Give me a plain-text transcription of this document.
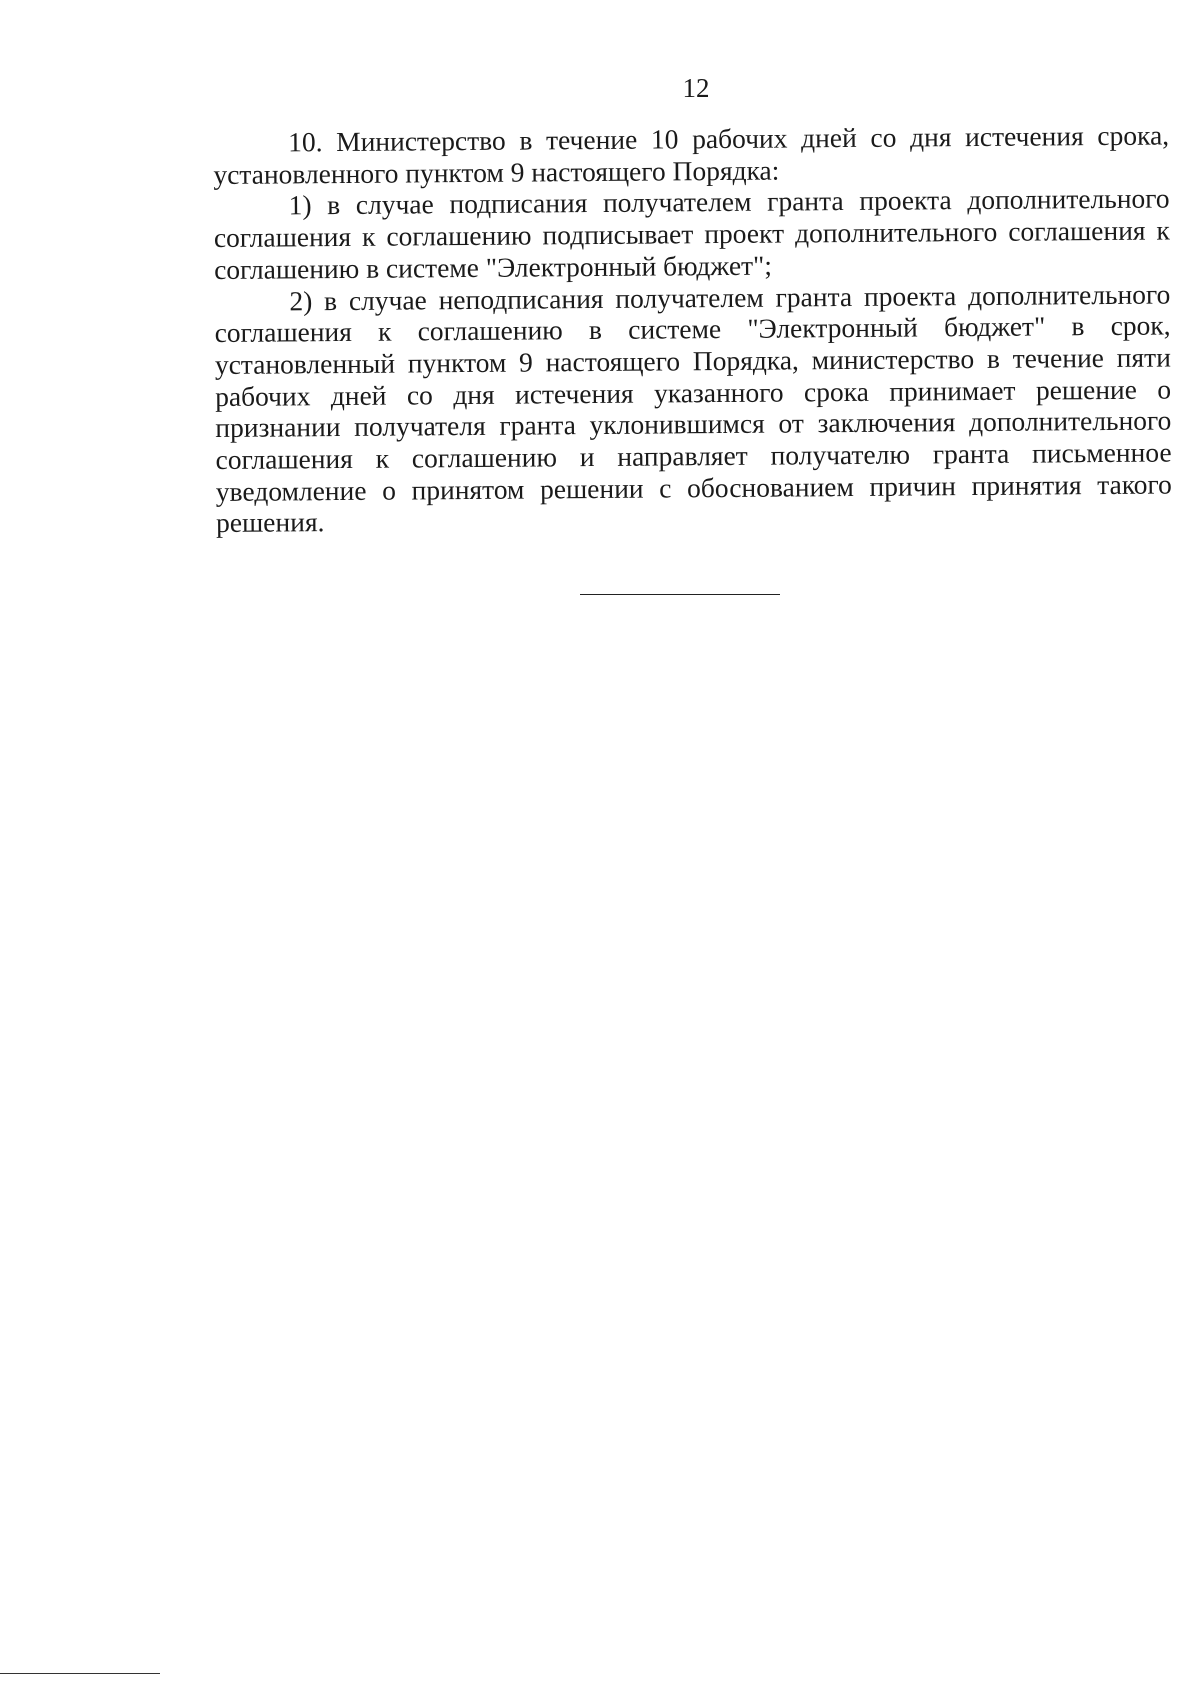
12

10. Министерство в течение 10 рабочих дней со дня истечения срока, установленного пунктом 9 настоящего Порядка:

1) в случае подписания получателем гранта проекта дополнительного соглашения к соглашению подписывает проект дополнительного соглашения к соглашению в системе "Электронный бюджет";

2) в случае неподписания получателем гранта проекта дополнительного соглашения к соглашению в системе "Электронный бюджет" в срок, установленный пунктом 9 настоящего Порядка, министерство в течение пяти рабочих дней со дня истечения указанного срока принимает решение о признании получателя гранта уклонившимся от заключения дополнительного соглашения к соглашению и направляет получателю гранта письменное уведомление о принятом решении с обоснованием причин принятия такого решения.
